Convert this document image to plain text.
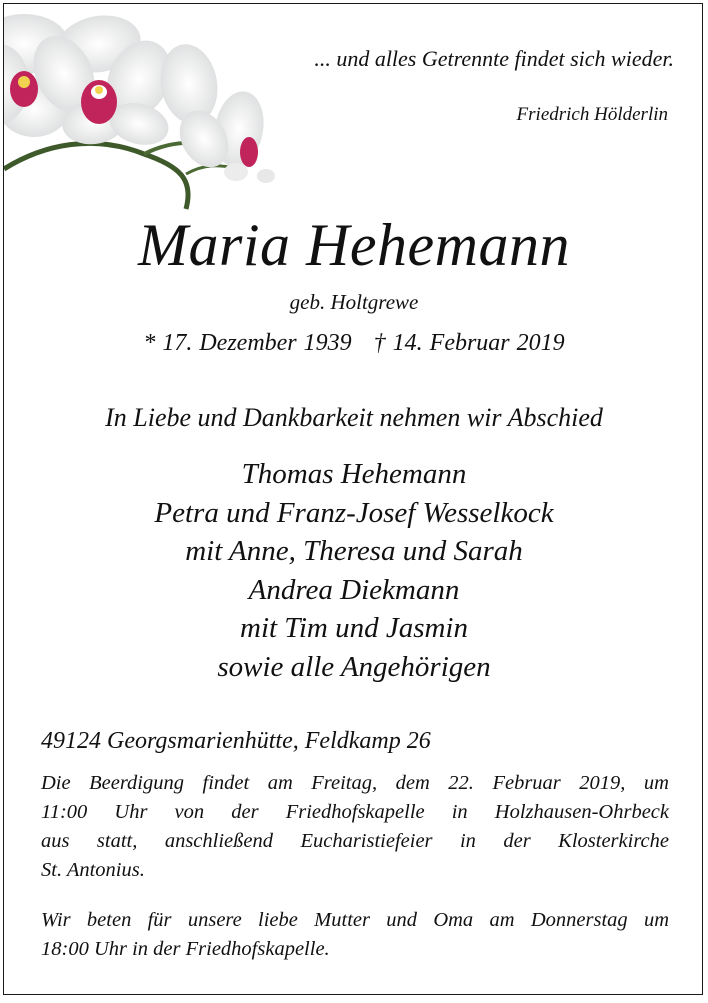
... und alles Getrennte findet sich wieder.
Friedrich Hölderlin
Maria Hehemann
geb. Holtgrewe
* 17. Dezember 1939 † 14. Februar 2019
In Liebe und Dankbarkeit nehmen wir Abschied
Thomas Hehemann
Petra und Franz-Josef Wesselkock
mit Anne, Theresa und Sarah
Andrea Diekmann
mit Tim und Jasmin
sowie alle Angehörigen
49124 Georgsmarienhütte, Feldkamp 26
Die Beerdigung findet am Freitag, dem 22. Februar 2019, um
11:00 Uhr von der Friedhofskapelle in Holzhausen-Ohrbeck
aus statt, anschließend Eucharistiefeier in der Klosterkirche
St. Antonius.
Wir beten für unsere liebe Mutter und Oma am Donnerstag um
18:00 Uhr in der Friedhofskapelle.
